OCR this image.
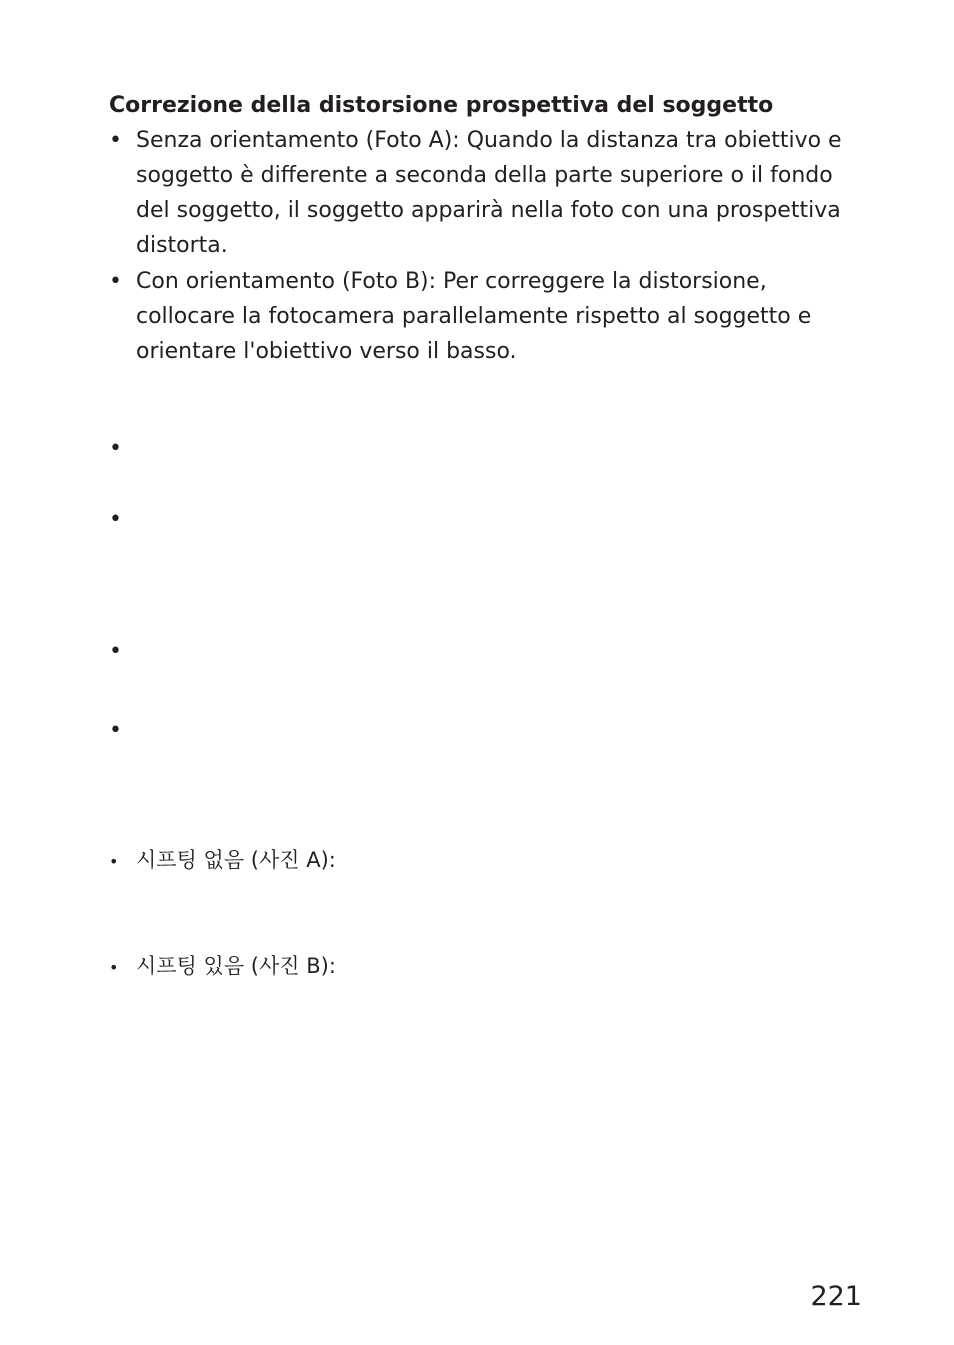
Correzione della distorsione prospettiva del soggetto
• Senza orientamento (Foto A): Quando la distanza tra obiettivo e soggetto è differente a seconda della parte superiore o il fondo del soggetto, il soggetto apparirà nella foto con una prospettiva distorta.
• Con orientamento (Foto B): Per correggere la distorsione, collocare la fotocamera parallelamente rispetto al soggetto e orientare l'obiettivo verso il basso.
•
•
•
•
• 시프팅 없음 (사진 A):
• 시프팅 있음 (사진 B):
221
